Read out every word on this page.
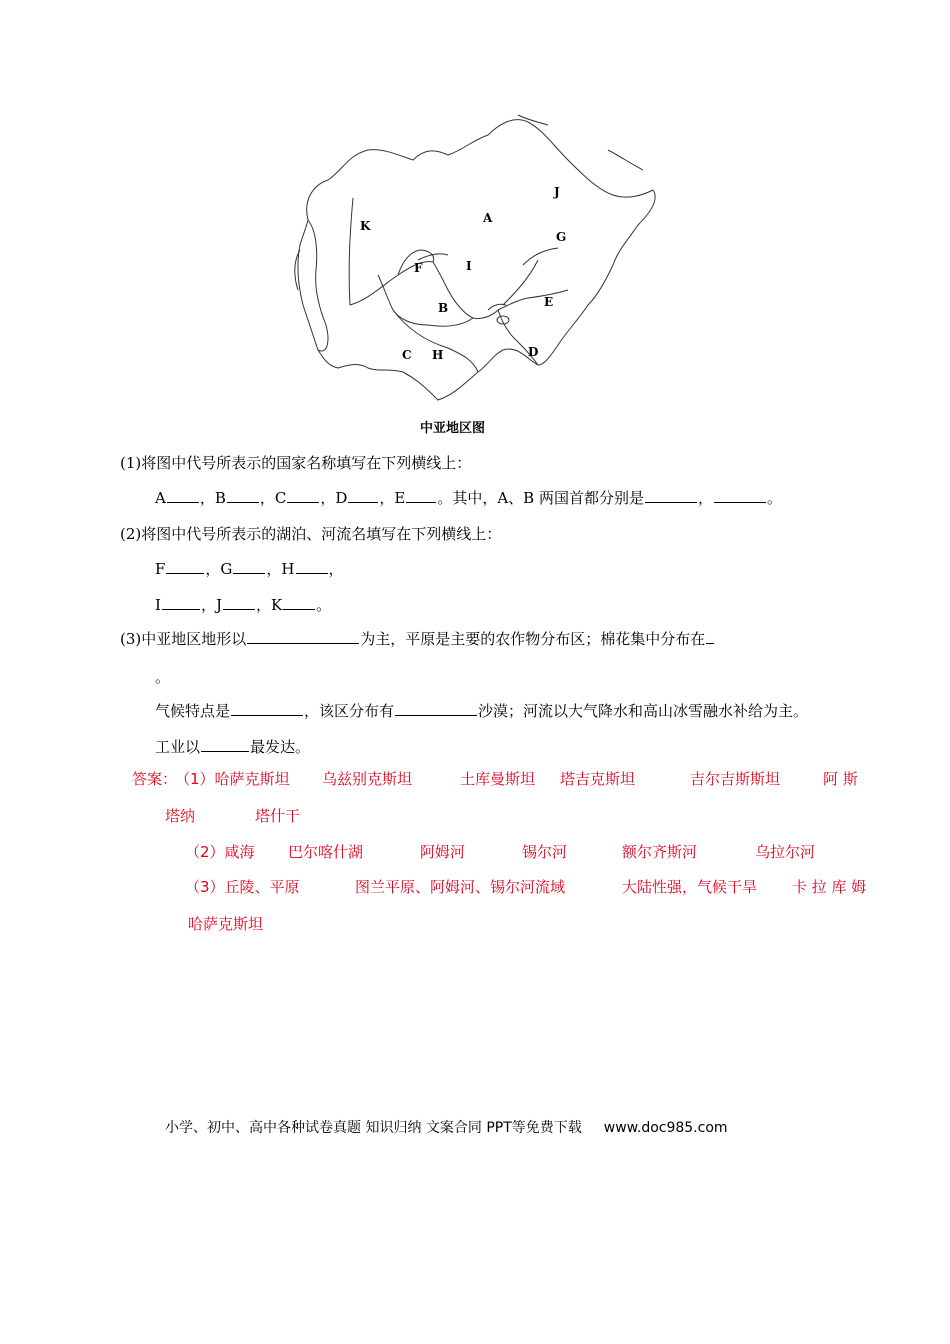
A
B
C	D
E
F
G
H
I
J
K
中亚地区图
(1)将图中代号所表示的国家名称填写在下列横线上：
A ，B ，C ，D ，E 。其中，A、B 两国首都分别是	，	。
(2)将图中代号所表示的湖泊、河流名填写在下列横线上：
F	，G ，H ，
I	，J ，K 。
(3)中亚地区地形以	为主，平原是主要的农作物分布区；棉花集中分布在
。
气候特点是	，该区分布有	沙漠；河流以大气降水和高山冰雪融水补给为主。
工业以	最发达。
答案：
（1）哈萨克斯坦 乌兹别克斯坦	土库曼斯坦 塔吉克斯坦	吉尔吉斯斯坦	阿 斯
塔纳	塔什干
（2）咸海 巴尔喀什湖	阿姆河	锡尔河	额尔齐斯河	乌拉尔河
（3）丘陵、平原	图兰平原、阿姆河、锡尔河流域	大陆性强，气候干旱 卡 拉 库 姆
哈萨克斯坦
小学、初中、高中各种试卷真题 知识归纳 文案合同 PPT等免费下载 www.doc985.com
